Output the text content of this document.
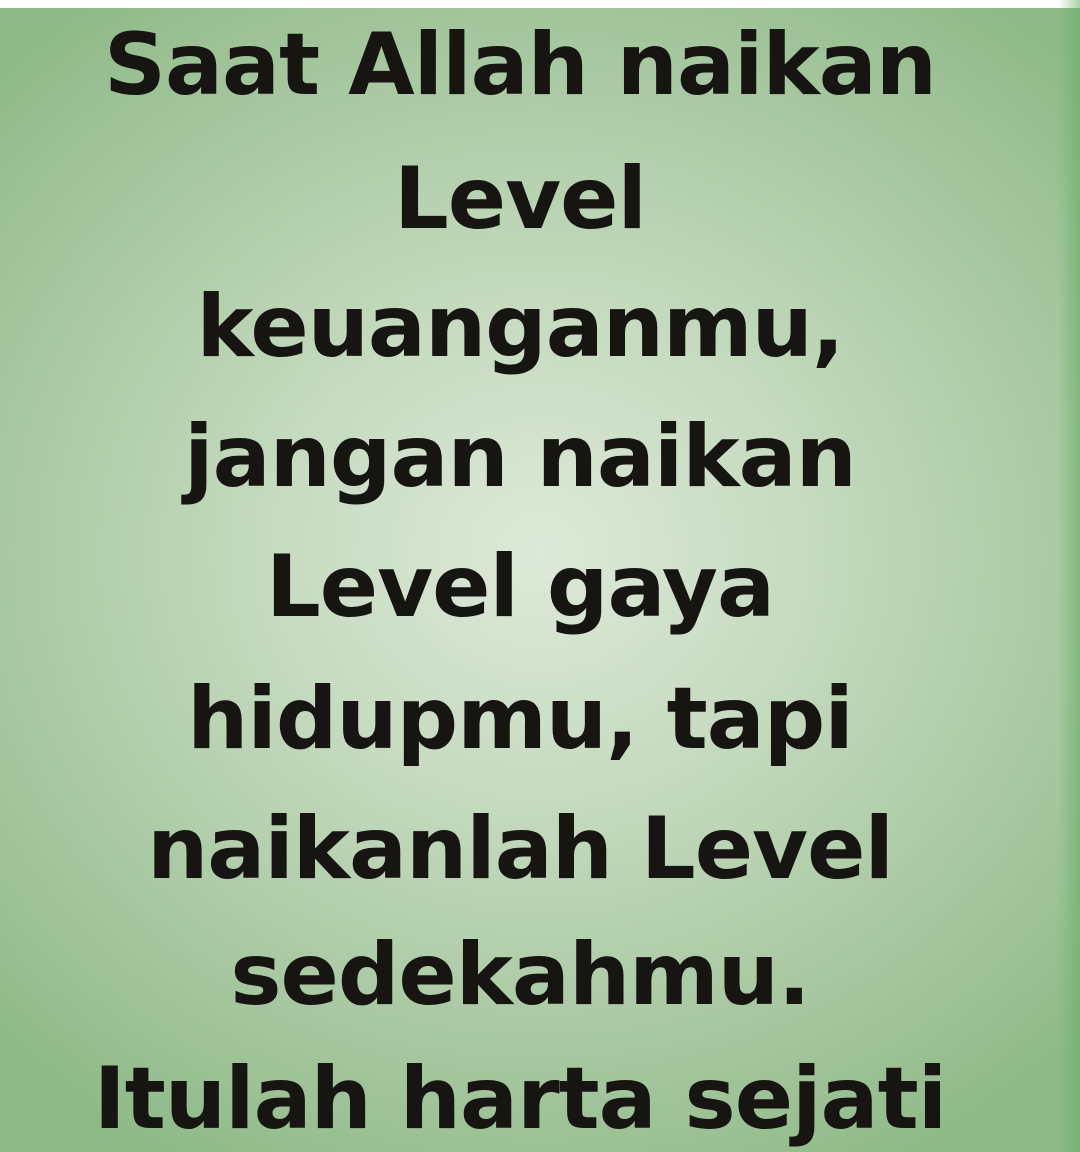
Saat Allah naikan
Level
keuanganmu,
jangan naikan
Level gaya
hidupmu, tapi
naikanlah Level
sedekahmu.
Itulah harta sejati
